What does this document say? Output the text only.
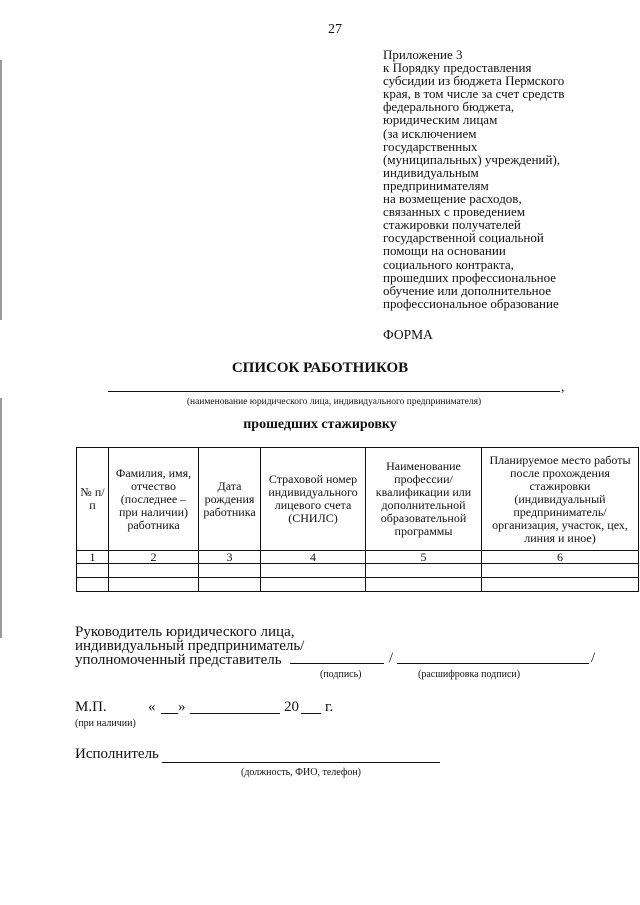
27
Приложение 3
к Порядку предоставления
субсидии из бюджета Пермского
края, в том числе за счет средств
федерального бюджета,
юридическим лицам
(за исключением
государственных
(муниципальных) учреждений),
индивидуальным
предпринимателям
на возмещение расходов,
связанных с проведением
стажировки получателей
государственной социальной
помощи на основании
социального контракта,
прошедших профессиональное
обучение или дополнительное
профессиональное образование
ФОРМА
СПИСОК РАБОТНИКОВ
,
(наименование юридического лица, индивидуального предпринимателя)
прошедших стажировку
№ п/п	Фамилия, имя, отчество (последнее – при наличии) работника	Дата рождения работника	Страховой номер индивидуального лицевого счета (СНИЛС)	Наименование профессии/ квалификации или дополнительной образовательной программы	Планируемое место работы после прохождения стажировки (индивидуальный предприниматель/ организация, участок, цех, линия и иное)
1	2	3	4	5	6

Руководитель юридического лица,
индивидуальный предприниматель/
уполномоченный представитель	/	/
(подпись)	(расшифровка подписи)
М.П.	« »	20 г.
(при наличии)
Исполнитель
(должность, ФИО, телефон)
